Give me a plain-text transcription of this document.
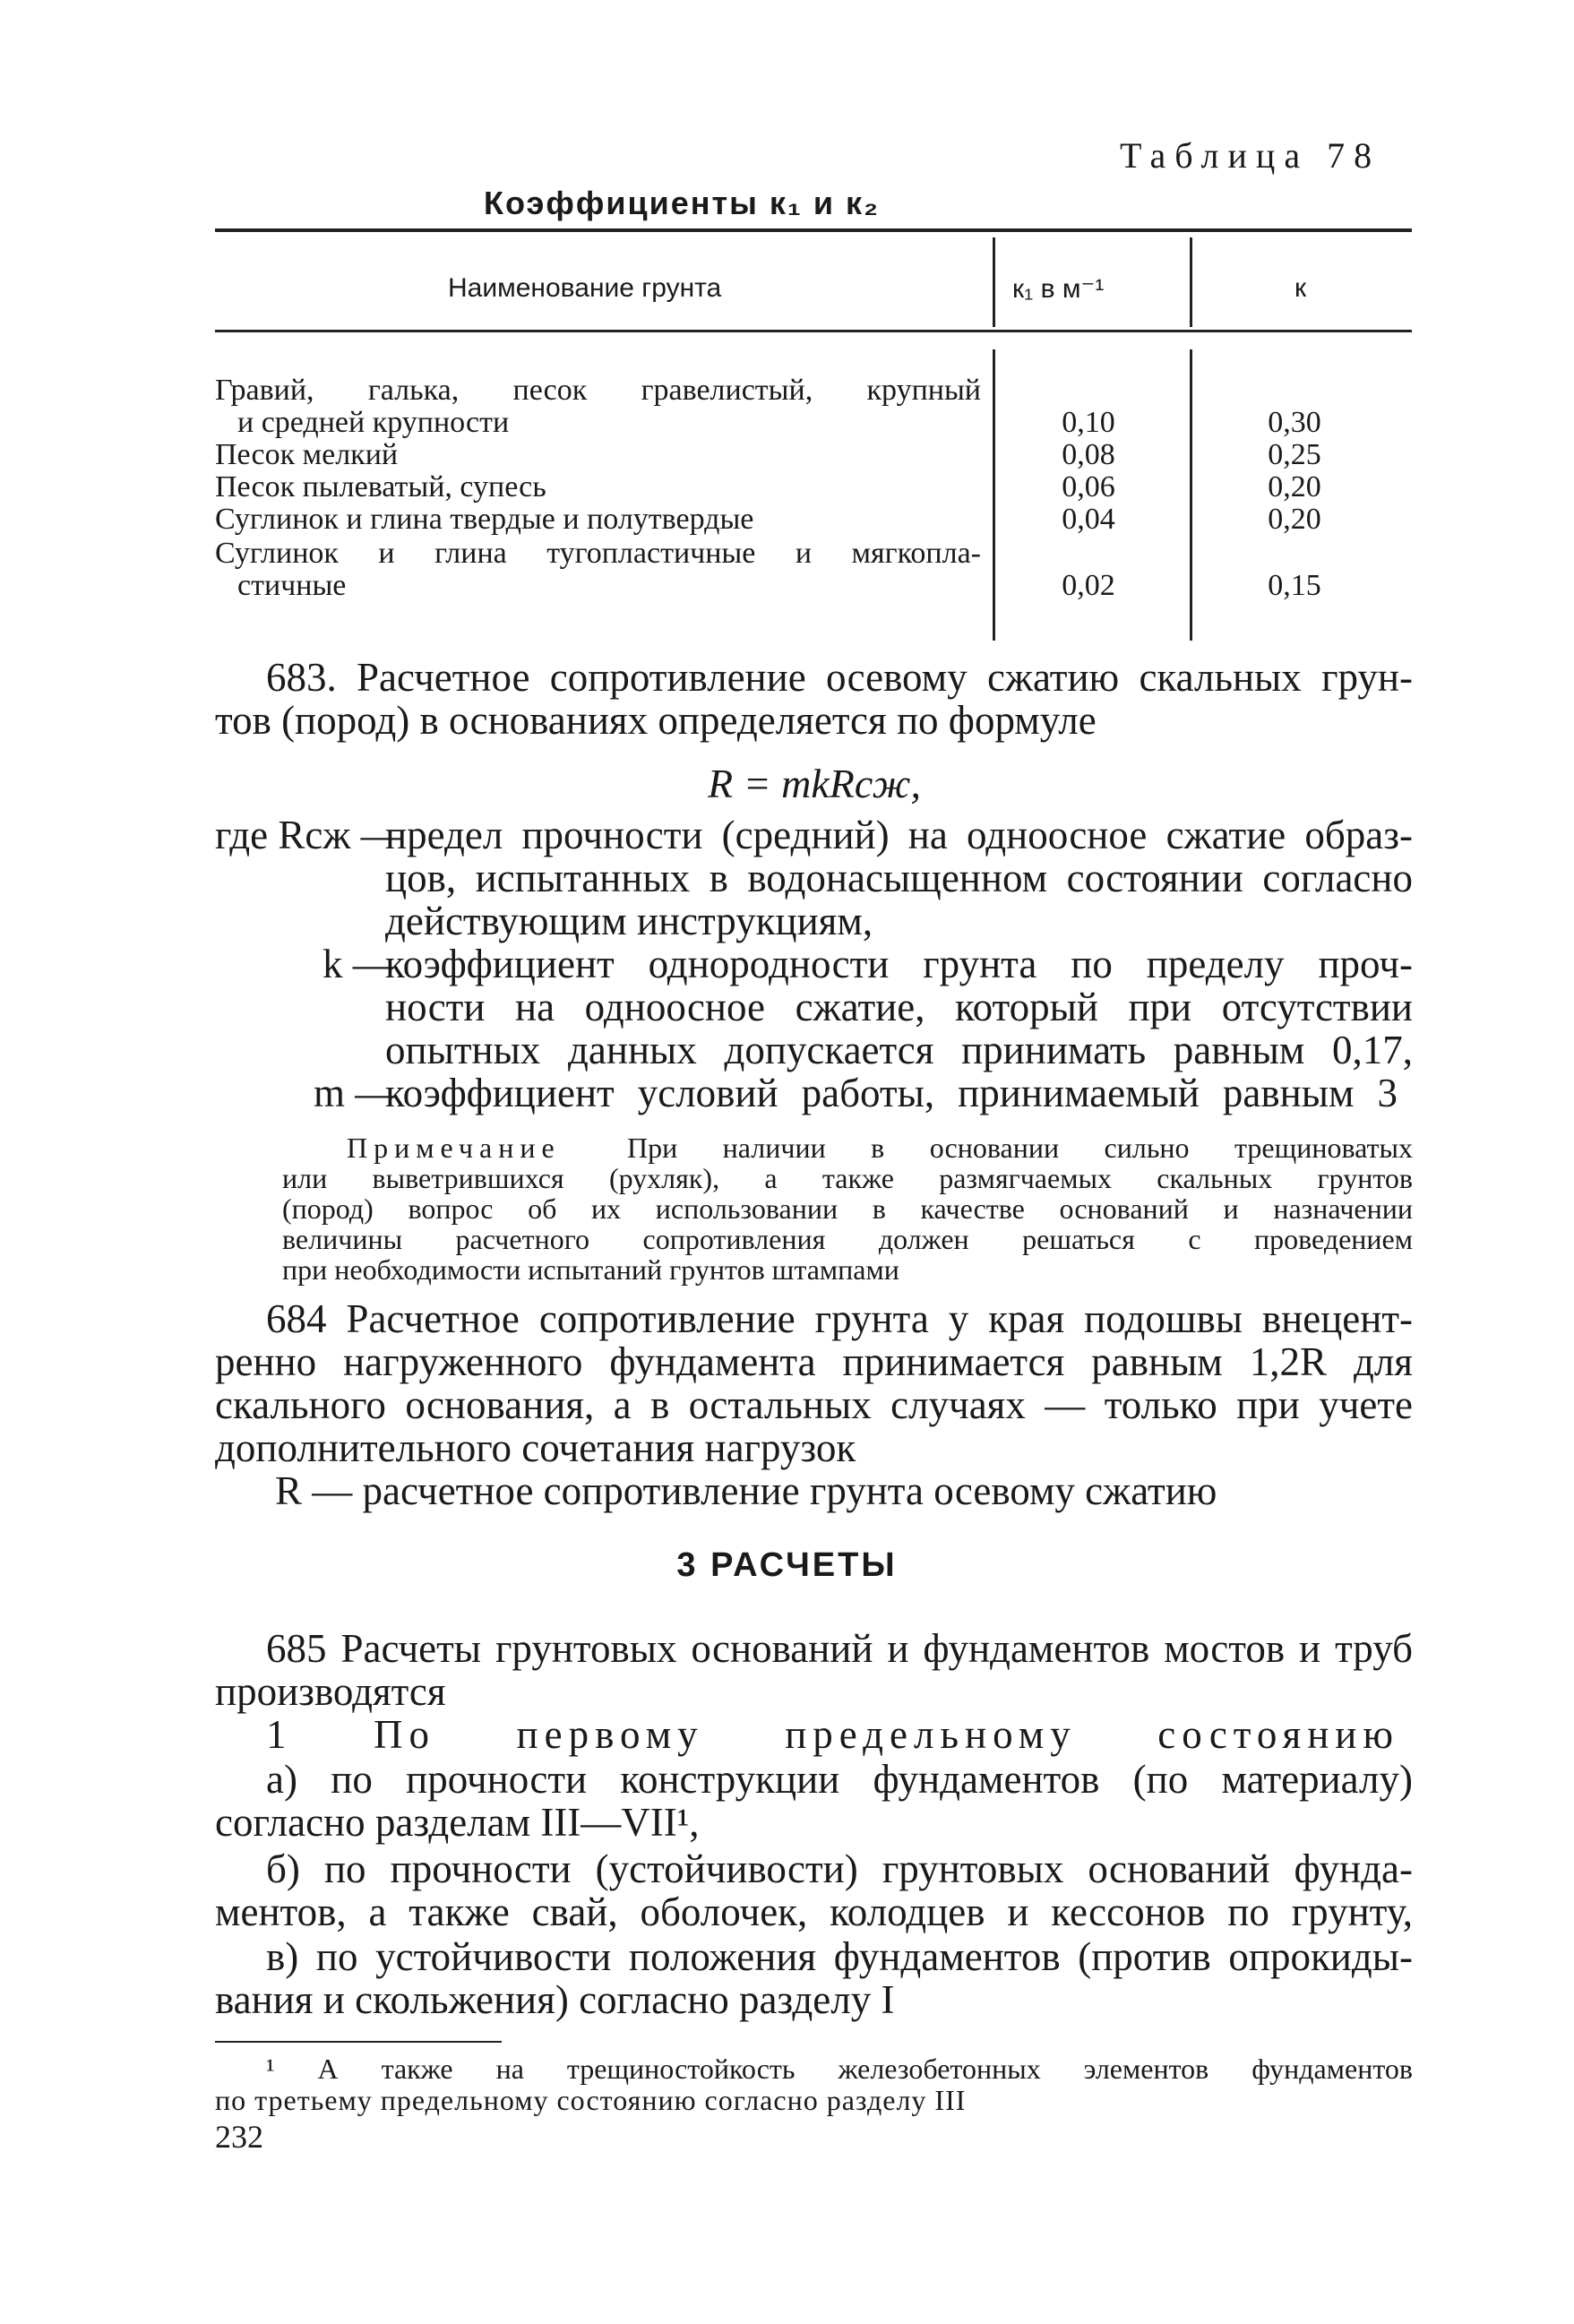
Таблица 78
Коэффициенты к₁ и к₂
Наименование грунта	к₁ в м⁻¹	к
Гравий, галька, песок гравелистый, крупный
и средней крупности	0,10	0,30
Песок мелкий	0,08	0,25
Песок пылеватый, супесь	0,06	0,20
Суглинок и глина твердые и полутвердые	0,04	0,20
Суглинок и глина тугопластичные и мягкопла-
стичные	0,02	0,15
683. Расчетное сопротивление осевому сжатию скальных грун-
тов (пород) в основаниях определяется по формуле
R = mkRсж,
где Rсж —
предел прочности (средний) на одноосное сжатие образ-
цов, испытанных в водонасыщенном состоянии согласно
действующим инструкциям,
k —
коэффициент однородности грунта по пределу проч-
ности на одноосное сжатие, который при отсутствии
опытных данных допускается принимать равным 0,17,
m —
коэффициент условий работы, принимаемый равным 3
Примечание При наличии в основании сильно трещиноватых
или выветрившихся (рухляк), а также размягчаемых скальных грунтов
(пород) вопрос об их использовании в качестве оснований и назначении
величины расчетного сопротивления должен решаться с проведением
при необходимости испытаний грунтов штампами
684 Расчетное сопротивление грунта у края подошвы внецент-
ренно нагруженного фундамента принимается равным 1,2R для
скального основания, а в остальных случаях — только при учете
дополнительного сочетания нагрузок
R — расчетное сопротивление грунта осевому сжатию
3 РАСЧЕТЫ
685 Расчеты грунтовых оснований и фундаментов мостов и труб
производятся
1 По первому предельному состоянию
а) по прочности конструкции фундаментов (по материалу)
согласно разделам III—VII¹,
б) по прочности (устойчивости) грунтовых оснований фунда-
ментов, а также свай, оболочек, колодцев и кессонов по грунту,
в) по устойчивости положения фундаментов (против опрокиды-
вания и скольжения) согласно разделу I
¹ А также на трещиностойкость железобетонных элементов фундаментов
по третьему предельному состоянию согласно разделу III
232
